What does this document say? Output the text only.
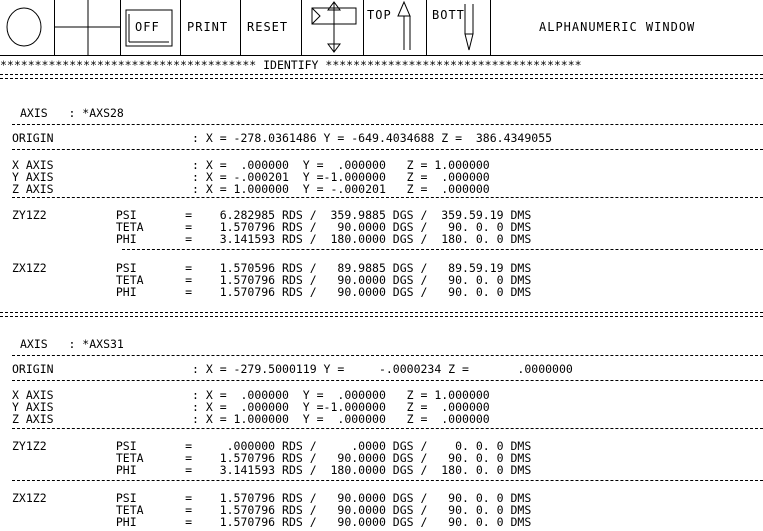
OFF PRINT RESET
TOP	BOTT
ALPHANUMERIC WINDOW
************************************* IDENTIFY *************************************
AXIS   : *AXS28
ORIGIN                    : X = -278.0361486 Y = -649.4034688 Z =  386.4349055
X AXIS                    : X =  .000000  Y =  .000000   Z = 1.000000
Y AXIS                    : X = -.000201  Y =-1.000000   Z =  .000000
Z AXIS                    : X = 1.000000  Y = -.000201   Z =  .000000
ZY1Z2          PSI       =    6.282985 RDS /  359.9885 DGS /  359.59.19 DMS
TETA      =    1.570796 RDS /   90.0000 DGS /   90. 0. 0 DMS
PHI       =    3.141593 RDS /  180.0000 DGS /  180. 0. 0 DMS
ZX1Z2          PSI       =    1.570596 RDS /   89.9885 DGS /   89.59.19 DMS
TETA      =    1.570796 RDS /   90.0000 DGS /   90. 0. 0 DMS
PHI       =    1.570796 RDS /   90.0000 DGS /   90. 0. 0 DMS
AXIS   : *AXS31
ORIGIN                    : X = -279.5000119 Y =     -.0000234 Z =       .0000000
X AXIS                    : X =  .000000  Y =  .000000   Z = 1.000000
Y AXIS                    : X =  .000000  Y =-1.000000   Z =  .000000
Z AXIS                    : X = 1.000000  Y =  .000000   Z =  .000000
ZY1Z2          PSI       =     .000000 RDS /     .0000 DGS /    0. 0. 0 DMS
TETA      =    1.570796 RDS /   90.0000 DGS /   90. 0. 0 DMS
PHI       =    3.141593 RDS /  180.0000 DGS /  180. 0. 0 DMS
ZX1Z2          PSI       =    1.570796 RDS /   90.0000 DGS /   90. 0. 0 DMS
TETA      =    1.570796 RDS /   90.0000 DGS /   90. 0. 0 DMS
PHI       =    1.570796 RDS /   90.0000 DGS /   90. 0. 0 DMS
